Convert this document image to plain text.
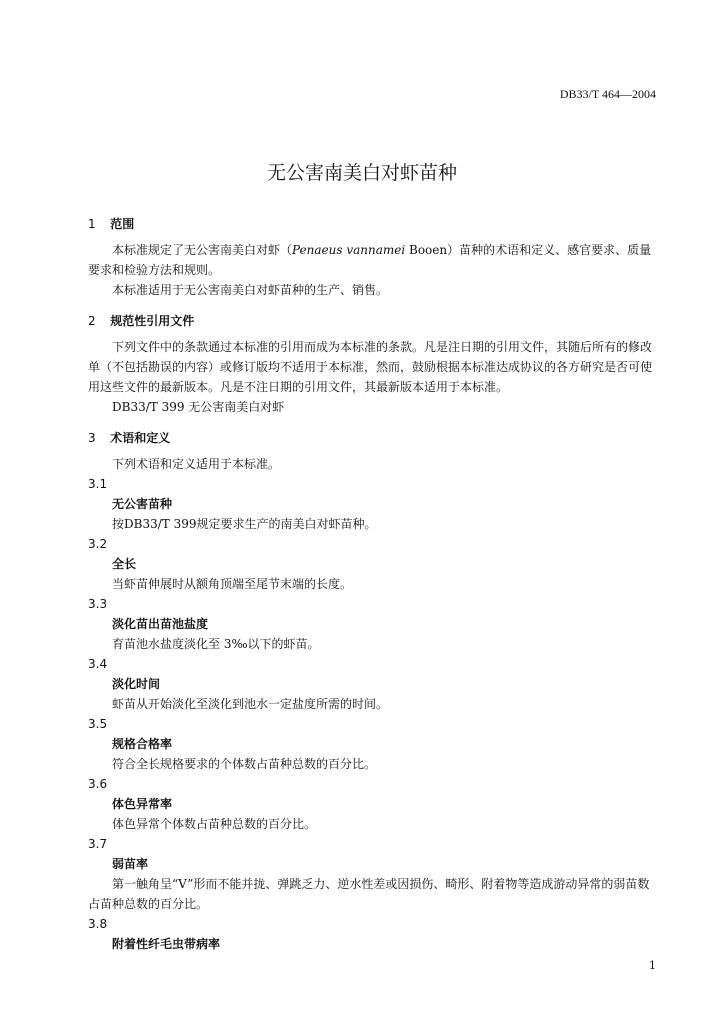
DB33/T 464—2004
无公害南美白对虾苗种

1 范围

本标准规定了无公害南美白对虾（Penaeus vannamei Booen）苗种的术语和定义、感官要求、质量要求和检验方法和规则。

本标准适用于无公害南美白对虾苗种的生产、销售。

2 规范性引用文件

下列文件中的条款通过本标准的引用而成为本标准的条款。凡是注日期的引用文件，其随后所有的修改单（不包括勘误的内容）或修订版均不适用于本标准，然而，鼓励根据本标准达成协议的各方研究是否可使用这些文件的最新版本。凡是不注日期的引用文件，其最新版本适用于本标准。

DB33/T 399 无公害南美白对虾

3 术语和定义

下列术语和定义适用于本标准。

3.1

无公害苗种

按DB33/T 399规定要求生产的南美白对虾苗种。

3.2

全长

当虾苗伸展时从额角顶端至尾节末端的长度。

3.3

淡化苗出苗池盐度

育苗池水盐度淡化至 3‰以下的虾苗。

3.4

淡化时间

虾苗从开始淡化至淡化到池水一定盐度所需的时间。

3.5

规格合格率

符合全长规格要求的个体数占苗种总数的百分比。

3.6

体色异常率

体色异常个体数占苗种总数的百分比。

3.7

弱苗率

第一触角呈“V”形而不能并拢、弹跳乏力、逆水性差或因损伤、畸形、附着物等造成游动异常的弱苗数占苗种总数的百分比。

3.8

附着性纤毛虫带病率

1
